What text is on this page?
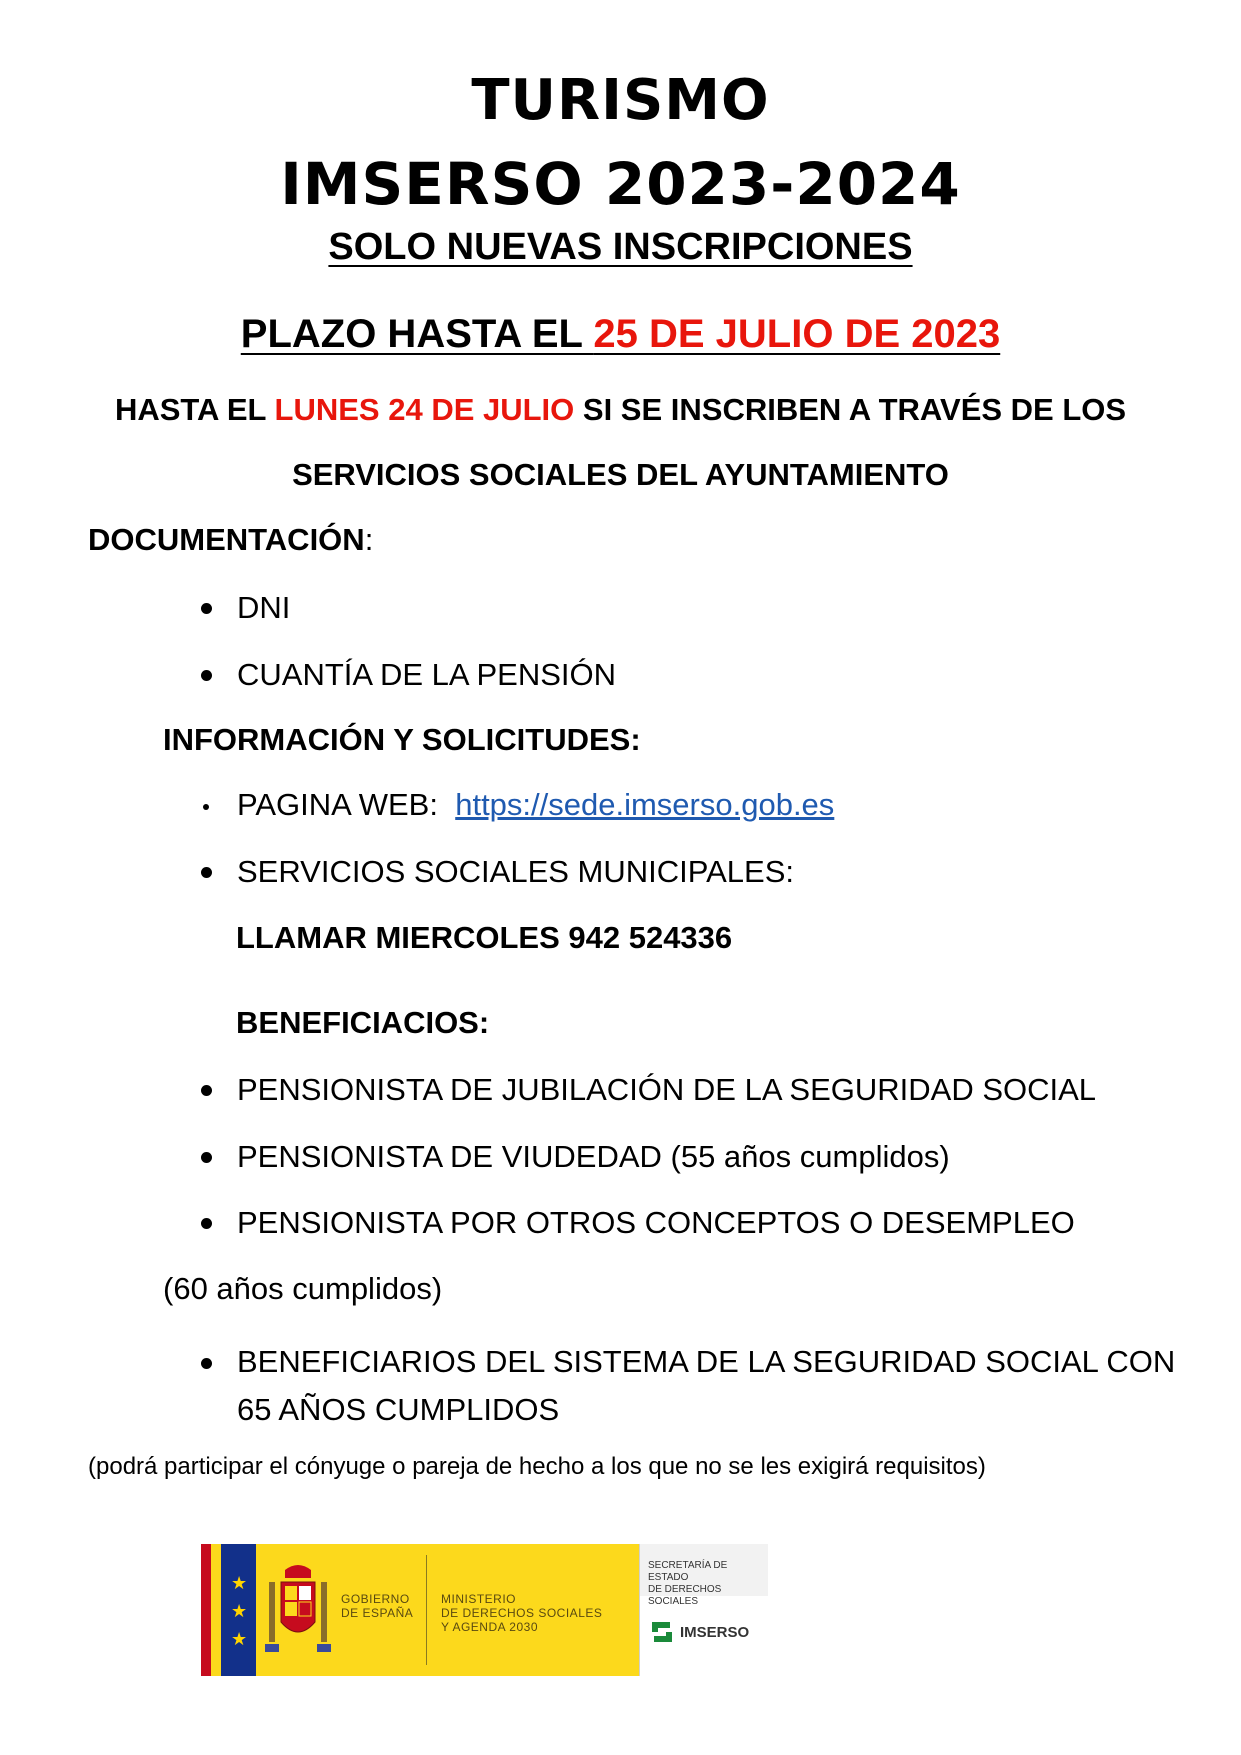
TURISMO
IMSERSO 2023-2024
SOLO NUEVAS INSCRIPCIONES
PLAZO HASTA EL 25 DE JULIO DE 2023
HASTA EL LUNES 24 DE JULIO SI SE INSCRIBEN A TRAVÉS DE LOS
SERVICIOS SOCIALES DEL AYUNTAMIENTO
DOCUMENTACIÓN:
DNI
CUANTÍA DE LA PENSIÓN
INFORMACIÓN Y SOLICITUDES:
PAGINA WEB: https://sede.imserso.gob.es
SERVICIOS SOCIALES MUNICIPALES:
LLAMAR MIERCOLES 942 524336
BENEFICIACIOS:
PENSIONISTA DE JUBILACIÓN DE LA SEGURIDAD SOCIAL
PENSIONISTA DE VIUDEDAD (55 años cumplidos)
PENSIONISTA POR OTROS CONCEPTOS O DESEMPLEO
(60 años cumplidos)
BENEFICIARIOS DEL SISTEMA DE LA SEGURIDAD SOCIAL CON
65 AÑOS CUMPLIDOS
(podrá participar el cónyuge o pareja de hecho a los que no se les exigirá requisitos)
★
★
★
GOBIERNO
DE ESPAÑA
MINISTERIO
DE DERECHOS SOCIALES
Y AGENDA 2030
SECRETARÍA DE ESTADO
DE DERECHOS SOCIALES
IMSERSO
